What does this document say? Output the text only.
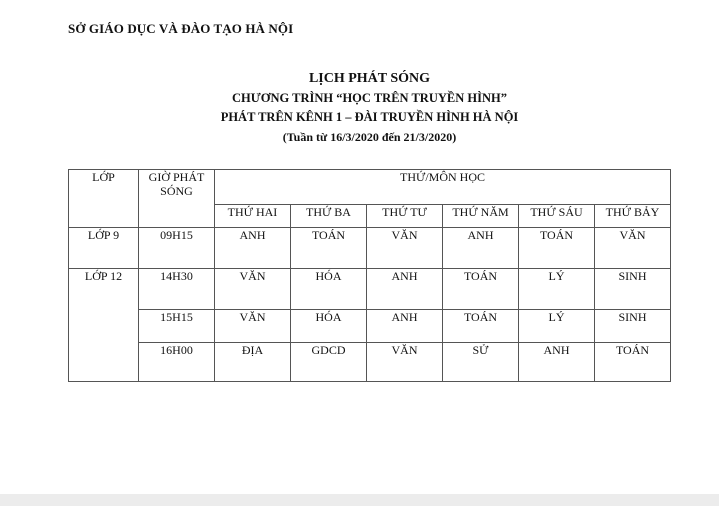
SỞ GIÁO DỤC VÀ ĐÀO TẠO HÀ NỘI
LỊCH PHÁT SÓNG
CHƯƠNG TRÌNH “HỌC TRÊN TRUYỀN HÌNH”
PHÁT TRÊN KÊNH 1 – ĐÀI TRUYỀN HÌNH HÀ NỘI
(Tuần từ 16/3/2020 đến 21/3/2020)
LỚP	GIỜ PHÁT SÓNG	THỨ/MÔN HỌC					
		THỨ HAI	THỨ BA	THỨ TƯ	THỨ NĂM	THỨ SÁU	THỨ BẢY
LỚP 9	09H15	ANH	TOÁN	VĂN	ANH	TOÁN	VĂN
LỚP 12	14H30	VĂN	HÓA	ANH	TOÁN	LÝ	SINH
	15H15	VĂN	HÓA	ANH	TOÁN	LÝ	SINH
	16H00	ĐỊA	GDCD	VĂN	SỬ	ANH	TOÁN
